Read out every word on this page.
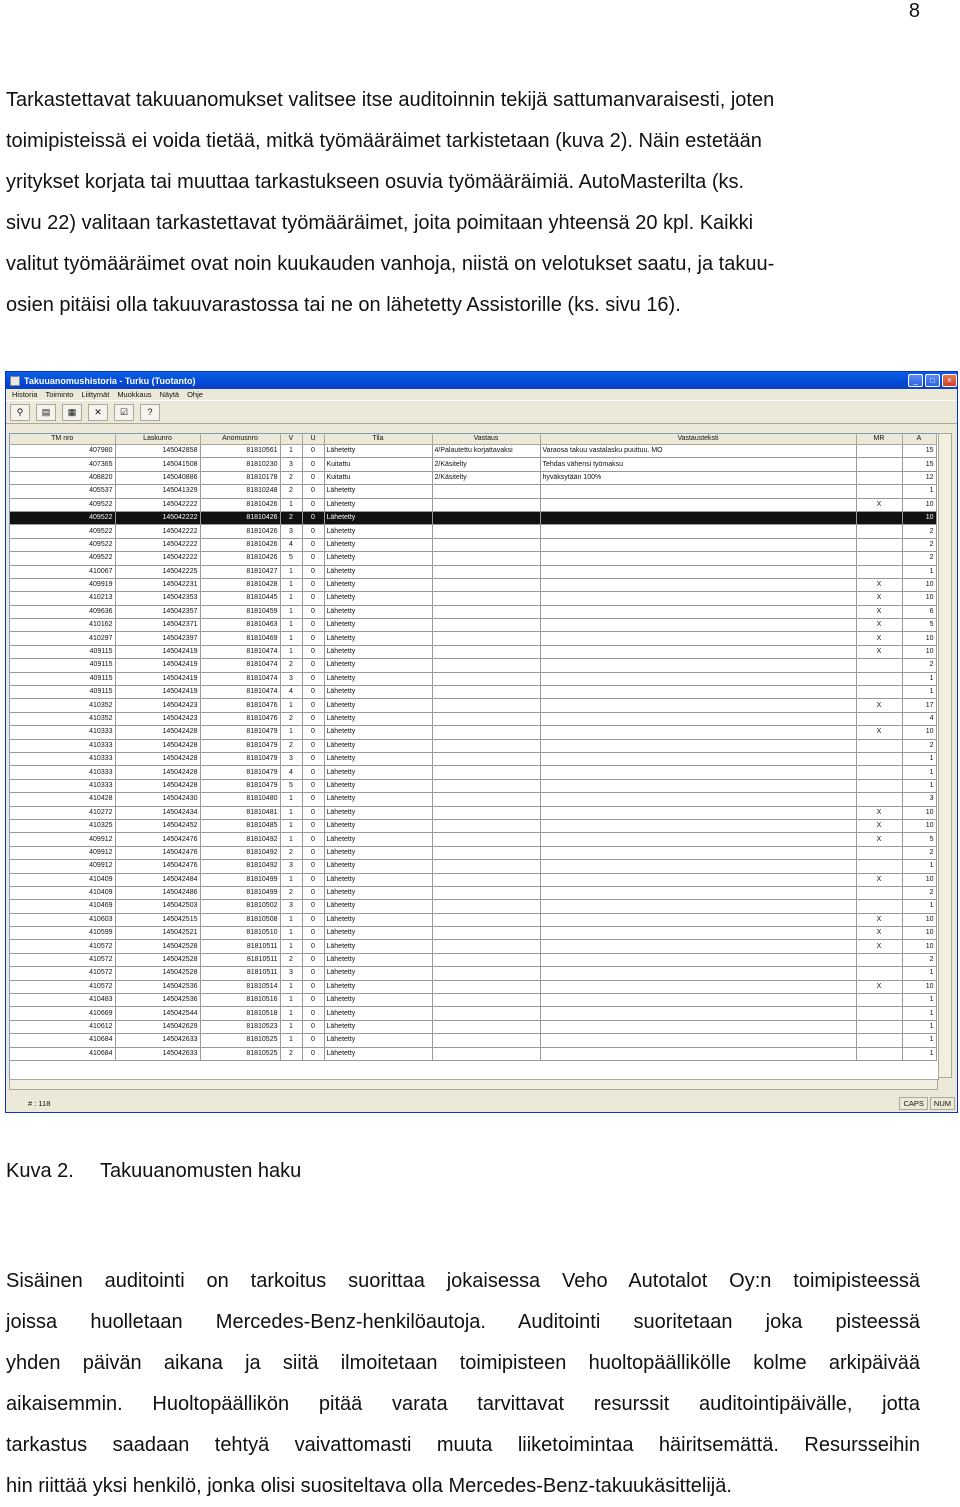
8

Tarkastettavat takuuanomukset valitsee itse auditoinnin tekijä sattumanvaraisesti, joten
toimipisteissä ei voida tietää, mitkä työmääräimet tarkistetaan (kuva 2). Näin estetään
yritykset korjata tai muuttaa tarkastukseen osuvia työmääräimiä. AutoMasterilta (ks.
sivu 22) valitaan tarkastettavat työmääräimet, joita poimitaan yhteensä 20 kpl. Kaikki
valitut työmääräimet ovat noin kuukauden vanhoja, niistä on velotukset saatu, ja takuu-
osien pitäisi olla takuuvarastossa tai ne on lähetetty Assistorille (ks. sivu 16).

Takuuanomushistoria - Turku (Tuotanto)	_	□	×
Historia Toiminto Liittymät Muokkaus Näytä Ohje
⚲	▤	▦	✕	☑	?
TM nro	Laskunro	Anomusnro	V	U	Tila	Vastaus	Vastausteksti	MR	A
407980	145042858	81810561	1	0	Lähetetty	4/Palautettu korjattavaksi	Varaosa takuu vastalasku puuttuu. MO		15
407365	145041508	81810230	3	0	Kuitattu	2/Käsitelty	Tehdas vähensi työmaksu		15
408820	145040886	81810178	2	0	Kuitattu	2/Käsitelty	hyväksytään 100%		12
405537	145041329	81810248	2	0	Lähetetty				1
409522	145042222	81810426	1	0	Lähetetty			X	10
409522	145042222	81810426	2	0	Lähetetty				10
409522	145042222	81810426	3	0	Lähetetty				2
409522	145042222	81810426	4	0	Lähetetty				2
409522	145042222	81810426	5	0	Lähetetty				2
410067	145042225	81810427	1	0	Lähetetty				1
409919	145042231	81810428	1	0	Lähetetty			X	10
410213	145042353	81810445	1	0	Lähetetty			X	10
409636	145042357	81810459	1	0	Lähetetty			X	6
410162	145042371	81810463	1	0	Lähetetty			X	5
410297	145042397	81810469	1	0	Lähetetty			X	10
409115	145042419	81810474	1	0	Lähetetty			X	10
409115	145042419	81810474	2	0	Lähetetty				2
409115	145042419	81810474	3	0	Lähetetty				1
409115	145042419	81810474	4	0	Lähetetty				1
410352	145042423	81810476	1	0	Lähetetty			X	17
410352	145042423	81810476	2	0	Lähetetty				4
410333	145042428	81810479	1	0	Lähetetty			X	10
410333	145042428	81810479	2	0	Lähetetty				2
410333	145042428	81810479	3	0	Lähetetty				1
410333	145042428	81810479	4	0	Lähetetty				1
410333	145042428	81810479	5	0	Lähetetty				1
410428	145042430	81810480	1	0	Lähetetty				3
410272	145042434	81810481	1	0	Lähetetty			X	10
410325	145042452	81810485	1	0	Lähetetty			X	10
409912	145042476	81810492	1	0	Lähetetty			X	5
409912	145042476	81810492	2	0	Lähetetty				2
409912	145042476	81810492	3	0	Lähetetty				1
410409	145042484	81810499	1	0	Lähetetty			X	10
410409	145042486	81810499	2	0	Lähetetty				2
410469	145042503	81810502	3	0	Lähetetty				1
410603	145042515	81810508	1	0	Lähetetty			X	10
410599	145042521	81810510	1	0	Lähetetty			X	10
410572	145042528	81810511	1	0	Lähetetty			X	10
410572	145042528	81810511	2	0	Lähetetty				2
410572	145042528	81810511	3	0	Lähetetty				1
410572	145042536	81810514	1	0	Lähetetty			X	10
410483	145042536	81810516	1	0	Lähetetty				1
410669	145042544	81810518	1	0	Lähetetty				1
410612	145042629	81810523	1	0	Lähetetty				1
410684	145042633	81810525	1	0	Lähetetty				1
410684	145042633	81810525	2	0	Lähetetty				1
# : 118	CAPS	NUM
Kuva 2. Takuuanomusten haku

Sisäinen auditointi on tarkoitus suorittaa jokaisessa Veho Autotalot Oy:n toimipisteessä
joissa huolletaan Mercedes-Benz-henkilöautoja. Auditointi suoritetaan joka pisteessä
yhden päivän aikana ja siitä ilmoitetaan toimipisteen huoltopäällikölle kolme arkipäivää
aikaisemmin. Huoltopäällikön pitää varata tarvittavat resurssit auditointipäivälle, jotta
tarkastus saadaan tehtyä vaivattomasti muuta liiketoimintaa häiritsemättä. Resursseihin
hin riittää yksi henkilö, jonka olisi suositeltava olla Mercedes-Benz-takuukäsittelijä.
